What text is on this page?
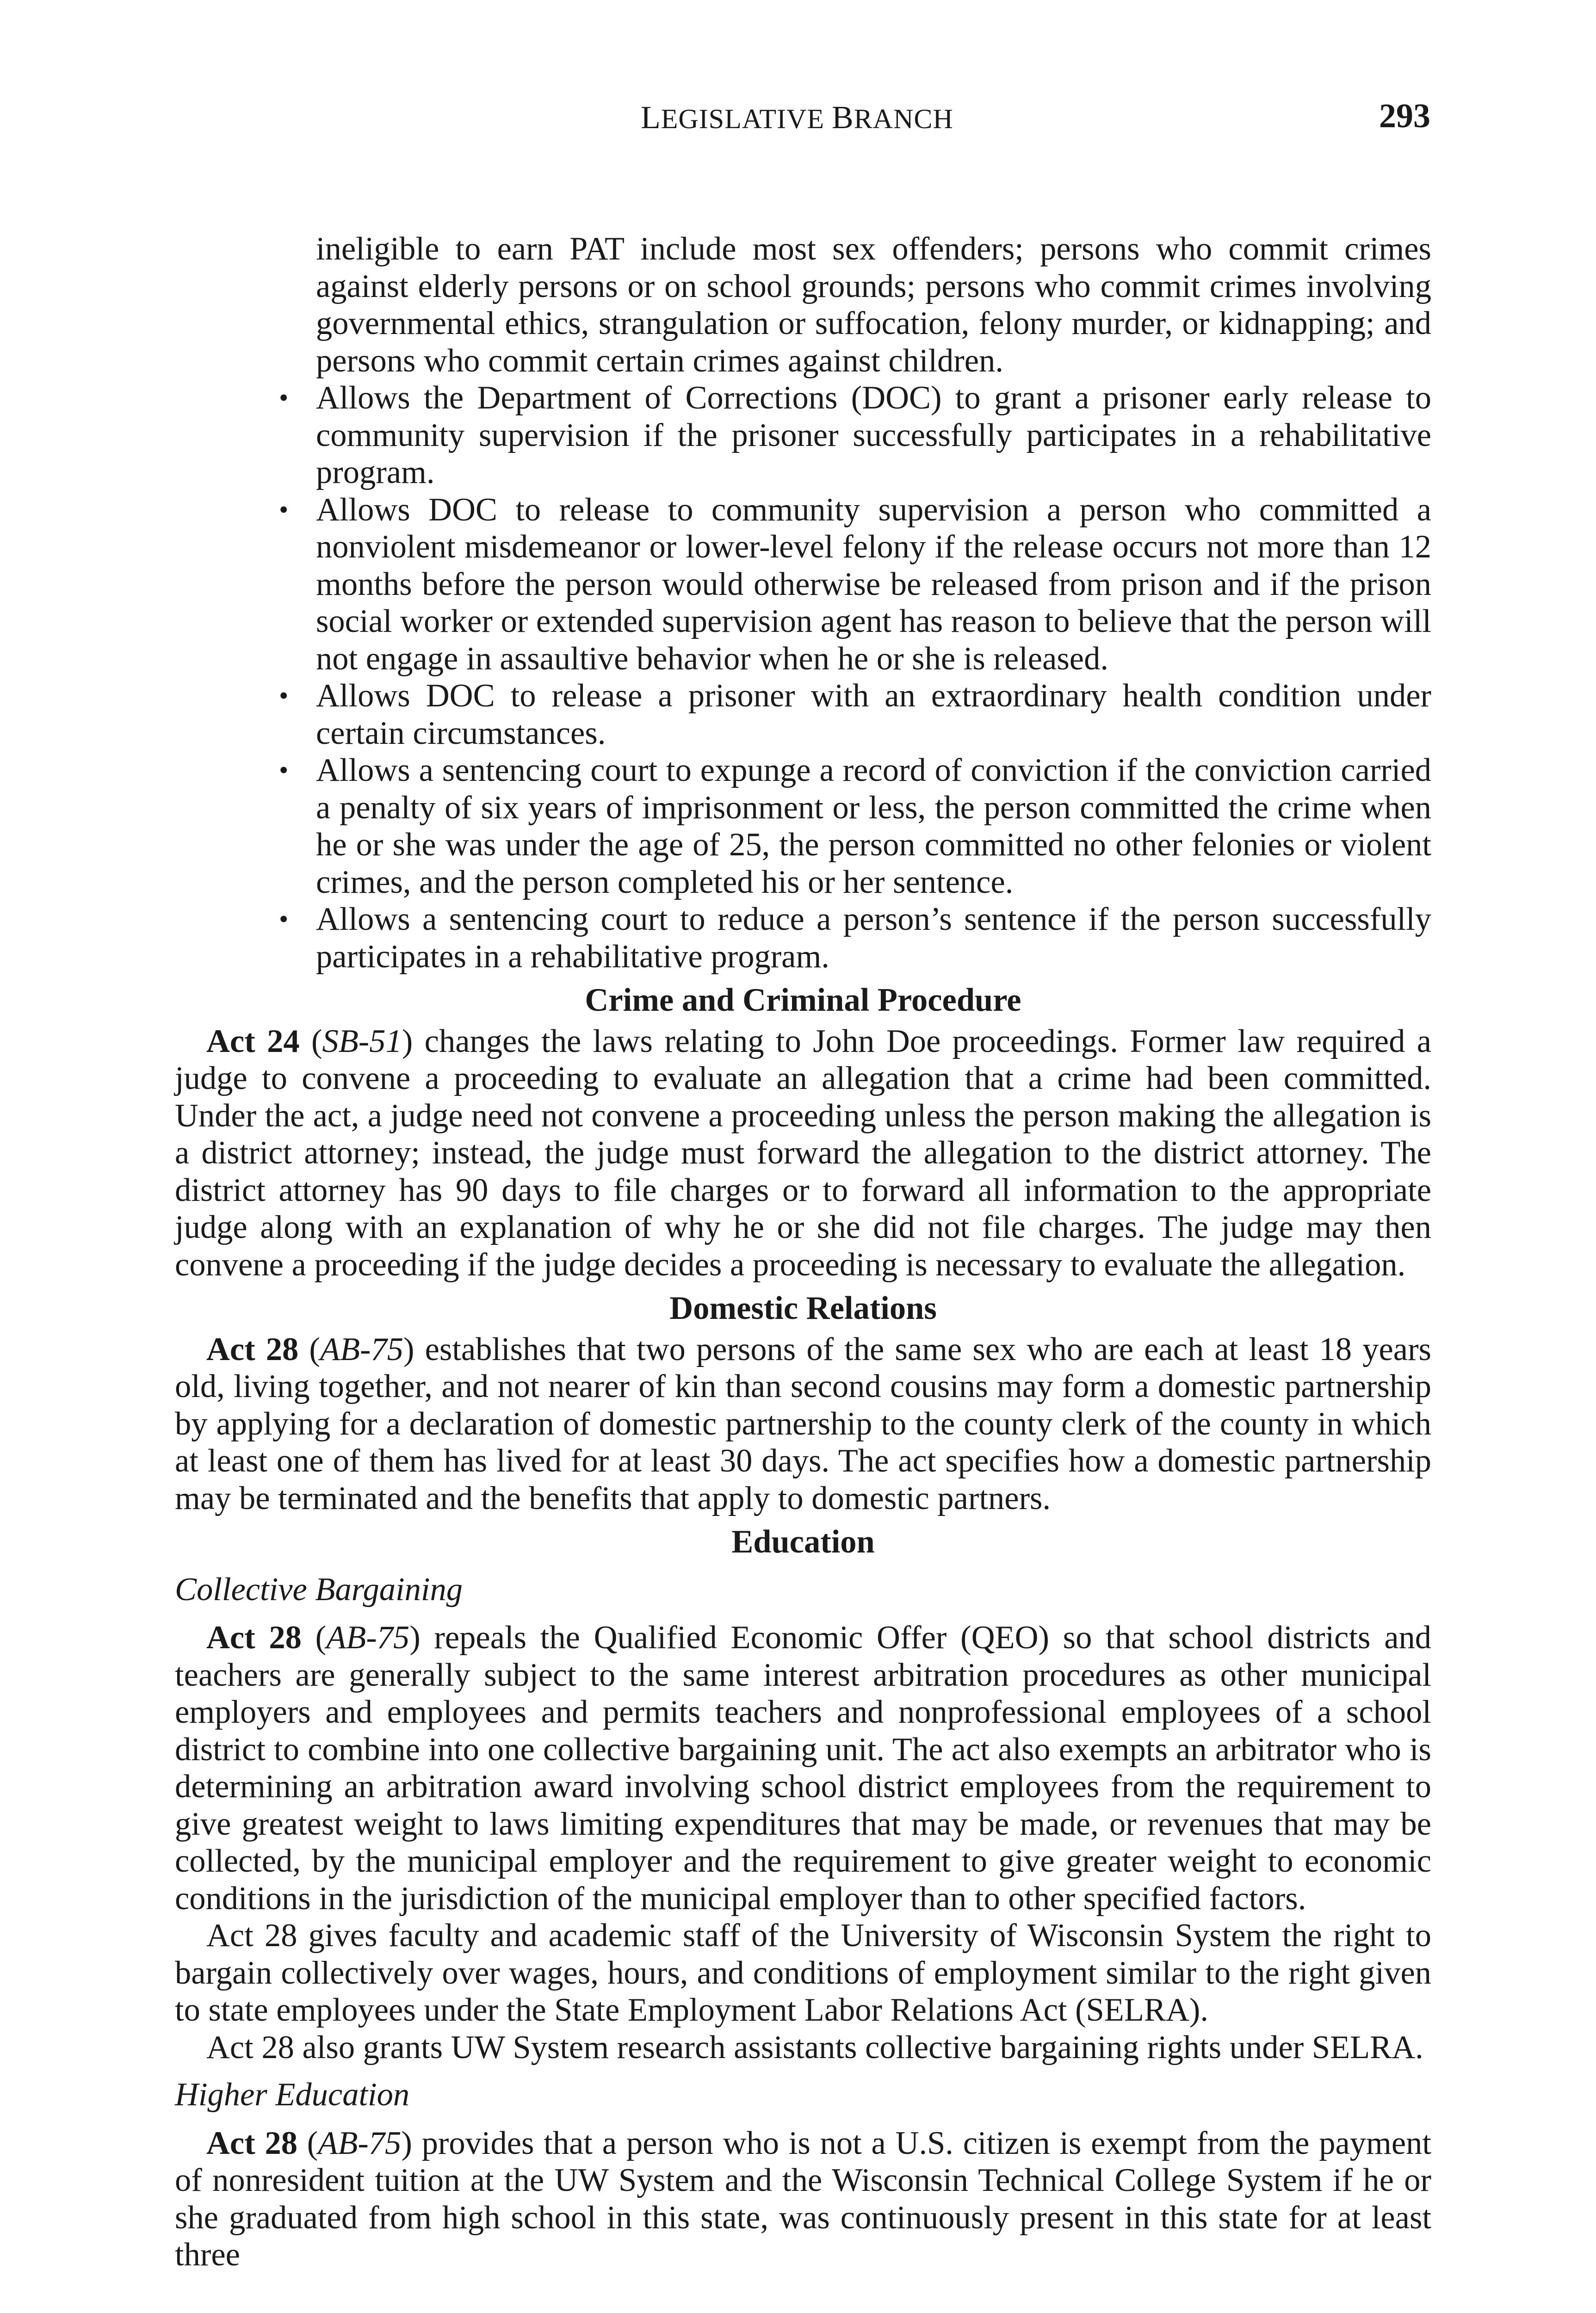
LEGISLATIVE BRANCH	293

ineligible to earn PAT include most sex offenders; persons who commit crimes against elderly persons or on school grounds; persons who commit crimes involving governmental ethics, strangulation or suffocation, felony murder, or kidnapping; and persons who commit certain crimes against children.

• Allows the Department of Corrections (DOC) to grant a prisoner early release to community supervision if the prisoner successfully participates in a rehabilitative program.
• Allows DOC to release to community supervision a person who committed a nonviolent misdemeanor or lower-level felony if the release occurs not more than 12 months before the person would otherwise be released from prison and if the prison social worker or extended supervision agent has reason to believe that the person will not engage in assaultive behavior when he or she is released.
• Allows DOC to release a prisoner with an extraordinary health condition under certain circumstances.
• Allows a sentencing court to expunge a record of conviction if the conviction carried a penalty of six years of imprisonment or less, the person committed the crime when he or she was under the age of 25, the person committed no other felonies or violent crimes, and the person completed his or her sentence.
• Allows a sentencing court to reduce a person’s sentence if the person successfully participates in a rehabilitative program.
Crime and Criminal Procedure

Act 24 (SB-51) changes the laws relating to John Doe proceedings. Former law required a judge to convene a proceeding to evaluate an allegation that a crime had been committed. Under the act, a judge need not convene a proceeding unless the person making the allegation is a district attorney; instead, the judge must forward the allegation to the district attorney. The district attorney has 90 days to file charges or to forward all information to the appropriate judge along with an explanation of why he or she did not file charges. The judge may then convene a proceeding if the judge decides a proceeding is necessary to evaluate the allegation.

Domestic Relations

Act 28 (AB-75) establishes that two persons of the same sex who are each at least 18 years old, living together, and not nearer of kin than second cousins may form a domestic partnership by applying for a declaration of domestic partnership to the county clerk of the county in which at least one of them has lived for at least 30 days. The act specifies how a domestic partnership may be terminated and the benefits that apply to domestic partners.

Education
Collective Bargaining

Act 28 (AB-75) repeals the Qualified Economic Offer (QEO) so that school districts and teachers are generally subject to the same interest arbitration procedures as other municipal employers and employees and permits teachers and nonprofessional employees of a school district to combine into one collective bargaining unit. The act also exempts an arbitrator who is determining an arbitration award involving school district employees from the requirement to give greatest weight to laws limiting expenditures that may be made, or revenues that may be collected, by the municipal employer and the requirement to give greater weight to economic conditions in the jurisdiction of the municipal employer than to other specified factors.

Act 28 gives faculty and academic staff of the University of Wisconsin System the right to bargain collectively over wages, hours, and conditions of employment similar to the right given to state employees under the State Employment Labor Relations Act (SELRA).

Act 28 also grants UW System research assistants collective bargaining rights under SELRA.

Higher Education

Act 28 (AB-75) provides that a person who is not a U.S. citizen is exempt from the payment of nonresident tuition at the UW System and the Wisconsin Technical College System if he or she graduated from high school in this state, was continuously present in this state for at least three
